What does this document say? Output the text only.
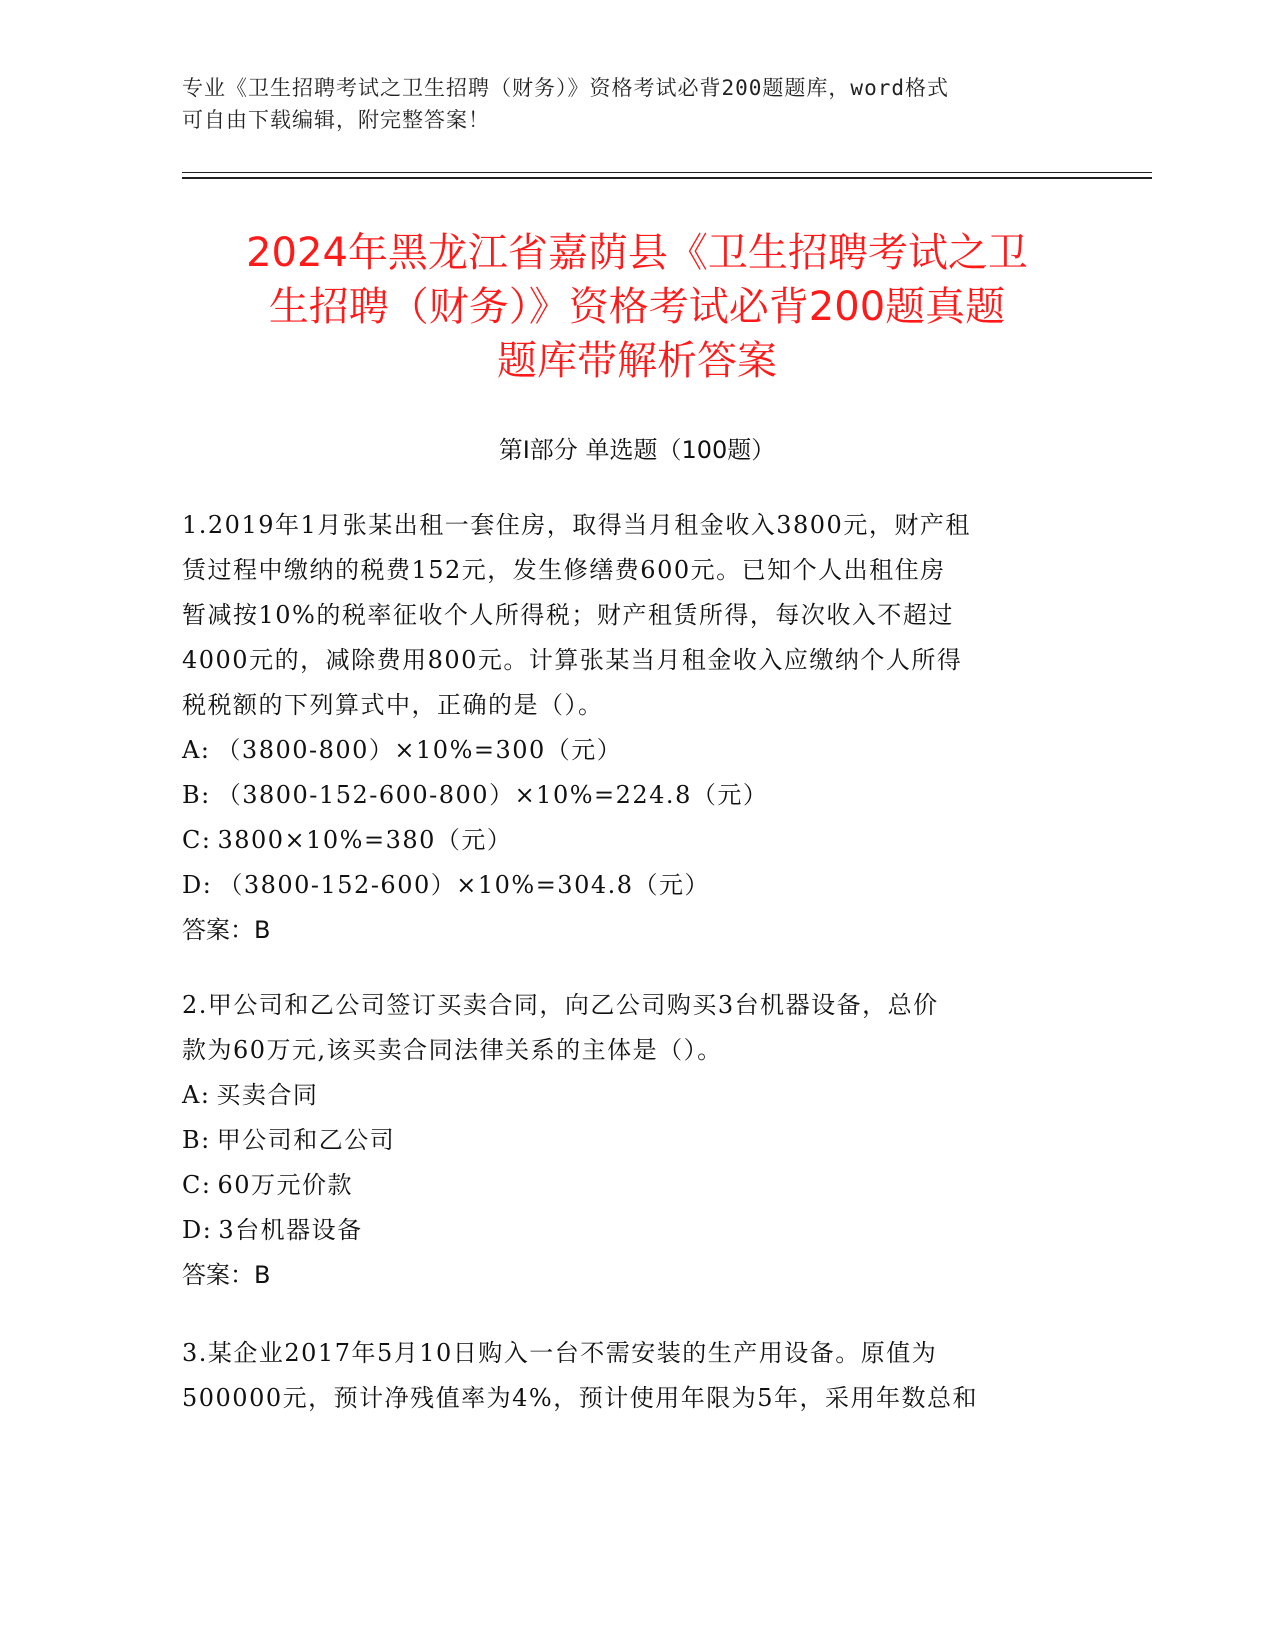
专业《卫生招聘考试之卫生招聘（财务）》资格考试必背200题题库，word格式
可自由下载编辑，附完整答案！
2024年黑龙江省嘉荫县《卫生招聘考试之卫
生招聘（财务）》资格考试必背200题真题
题库带解析答案
第Ⅰ部分 单选题（100题）
1.2019年1月张某出租一套住房，取得当月租金收入3800元，财产租
赁过程中缴纳的税费152元，发生修缮费600元。已知个人出租住房
暂减按10%的税率征收个人所得税；财产租赁所得，每次收入不超过
4000元的，减除费用800元。计算张某当月租金收入应缴纳个人所得
税税额的下列算式中，正确的是（）。
A: （3800-800）×10%=300（元）
B: （3800-152-600-800）×10%=224.8（元）
C: 3800×10%=380（元）
D: （3800-152-600）×10%=304.8（元）
答案：B
2.甲公司和乙公司签订买卖合同，向乙公司购买3台机器设备，总价
款为60万元,该买卖合同法律关系的主体是（）。
A: 买卖合同
B: 甲公司和乙公司
C: 60万元价款
D: 3台机器设备
答案：B
3.某企业2017年5月10日购入一台不需安装的生产用设备。原值为
500000元，预计净残值率为4%，预计使用年限为5年，采用年数总和
